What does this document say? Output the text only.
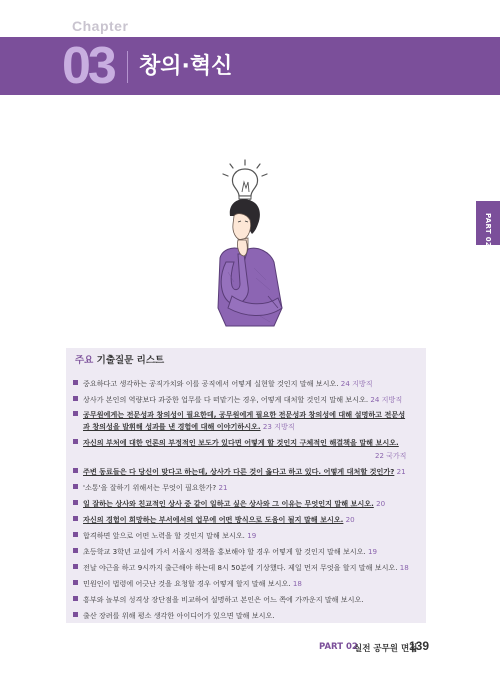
Chapter
03 창의·혁신
PART 02
주요 기출질문 리스트
중요하다고 생각하는 공직가치와 이를 공직에서 어떻게 실현할 것인지 말해 보시오. 24 지방직
상사가 본인의 역량보다 과중한 업무를 다 떠맡기는 경우, 어떻게 대처할 것인지 말해 보시오. 24 지방직
공무원에게는 전문성과 창의성이 필요한데, 공무원에게 필요한 전문성과 창의성에 대해 설명하고 전문성
과 창의성을 발휘해 성과를 낸 경험에 대해 이야기하시오. 23 지방직
자신의 부처에 대한 언론의 부정적인 보도가 있다면 어떻게 할 것인지 구체적인 해결책을 말해 보시오.
22 국가직
주변 동료들은 다 당신이 맞다고 하는데, 상사가 다른 것이 옳다고 하고 있다. 어떻게 대처할 것인가? 21
'소통'을 잘하기 위해서는 무엇이 필요한가? 21
일 잘하는 상사와 친교적인 상사 중 같이 일하고 싶은 상사와 그 이유는 무엇인지 말해 보시오. 20
자신의 경험이 희망하는 부서에서의 업무에 어떤 방식으로 도움이 될지 말해 보시오. 20
합격하면 앞으로 어떤 노력을 할 것인지 말해 보시오. 19
초등학교 3학년 교실에 가서 서울시 정책을 홍보해야 할 경우 어떻게 할 것인지 말해 보시오. 19
전날 야근을 하고 9시까지 출근해야 하는데 8시 50분에 기상했다. 제일 먼저 무엇을 할지 말해 보시오. 18
민원인이 법령에 어긋난 것을 요청할 경우 어떻게 할지 말해 보시오. 18
흥부와 놀부의 성격상 장단점을 비교하여 설명하고 본인은 어느 쪽에 가까운지 말해 보시오.
출산 장려를 위해 평소 생각한 아이디어가 있으면 말해 보시오.
PART 02
실전 공무원 면접
139
